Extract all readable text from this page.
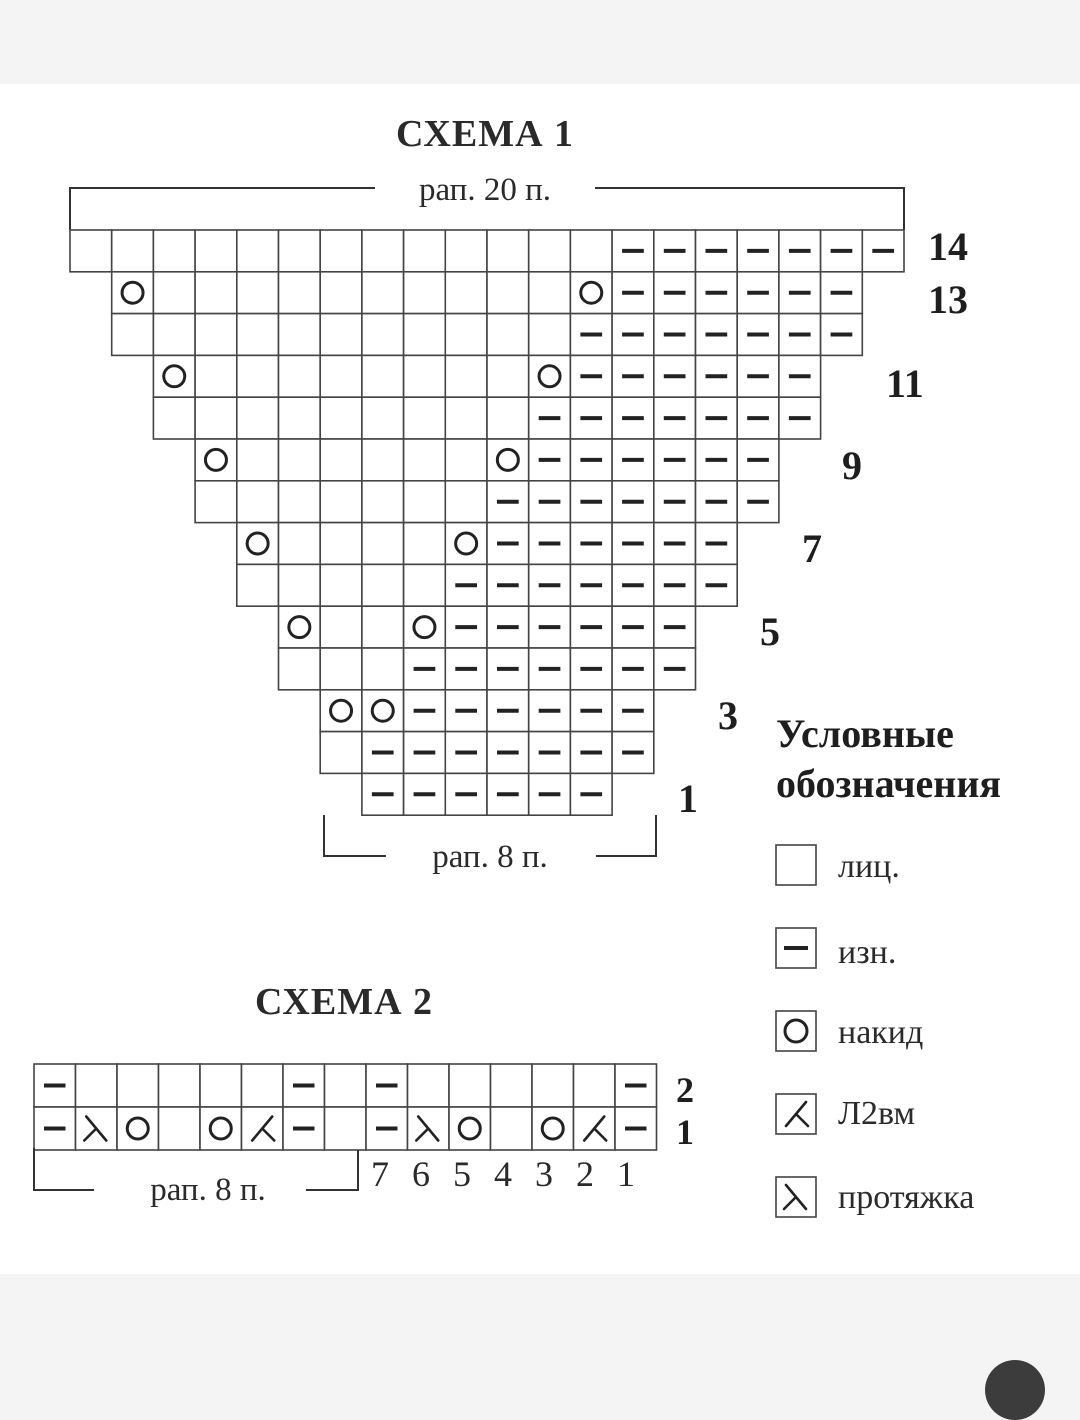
СХЕМА 1
рап. 20 п.
рап. 8 п.
14
13
11
9
7
5
3
1
Условные
обозначения
лиц.
изн.
накид
Л2вм
протяжка
СХЕМА 2
2
1
рап. 8 п.	7 6 5 4 3 2 1
